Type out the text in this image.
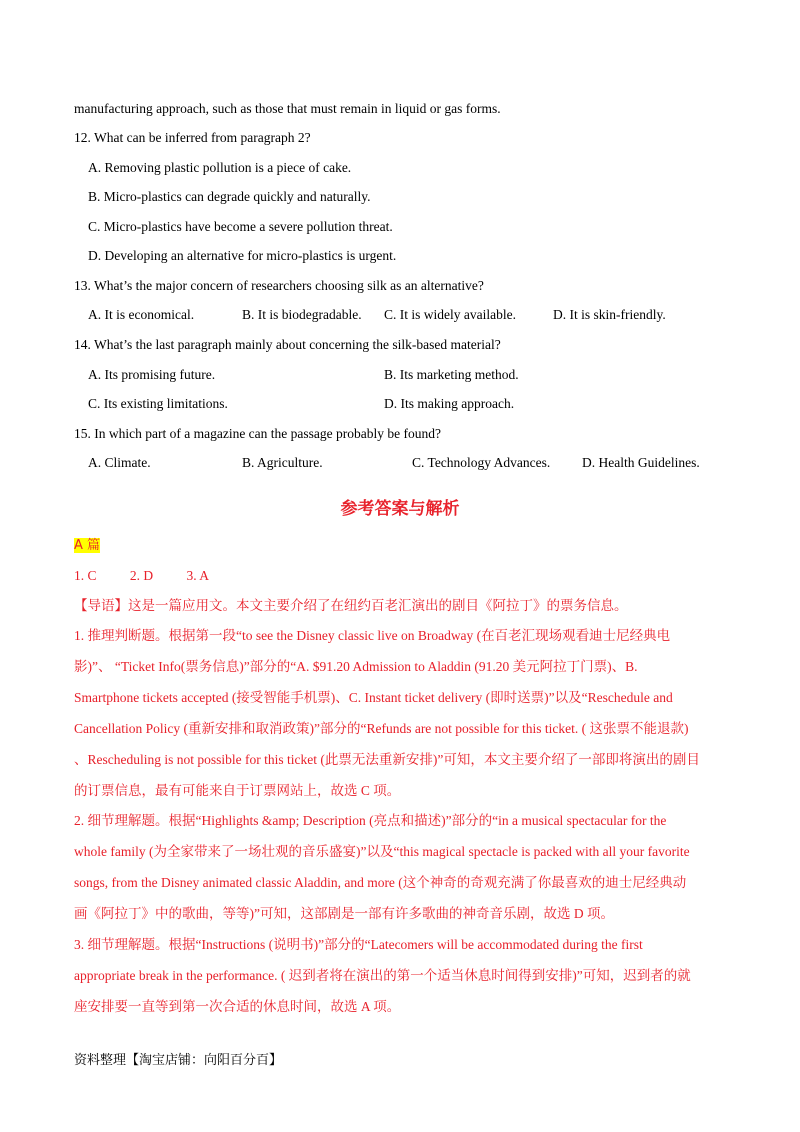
manufacturing approach, such as those that must remain in liquid or gas forms.
12. What can be inferred from paragraph 2?
A. Removing plastic pollution is a piece of cake.
B. Micro-plastics can degrade quickly and naturally.
C. Micro-plastics have become a severe pollution threat.
D. Developing an alternative for micro-plastics is urgent.
13. What’s the major concern of researchers choosing silk as an alternative?
A. It is economical.	B. It is biodegradable. C. It is widely available.	D. It is skin-friendly.
14. What’s the last paragraph mainly about concerning the silk-based material?
A. Its promising future.	B. Its marketing method.
C. Its existing limitations.	D. Its making approach.
15. In which part of a magazine can the passage probably be found?
A. Climate.	B. Agriculture.	C. Technology Advances. D. Health Guidelines.
参考答案与解析
A 篇
1. C 2. D 3. A
【导语】这是一篇应用文。本文主要介绍了在纽约百老汇演出的剧目《阿拉丁》的票务信息。
1. 推理判断题。根据第一段“to see the Disney classic live on Broadway (在百老汇现场观看迪士尼经典电
影)”、 “Ticket Info(票务信息)”部分的“A. $91.20 Admission to Aladdin (91.20 美元阿拉丁门票)、B.
Smartphone tickets accepted (接受智能手机票)、C. Instant ticket delivery (即时送票)”以及“Reschedule and
Cancellation Policy (重新安排和取消政策)”部分的“Refunds are not possible for this ticket. ( 这张票不能退款)
、Rescheduling is not possible for this ticket (此票无法重新安排)”可知，本文主要介绍了一部即将演出的剧目
的订票信息，最有可能来自于订票网站上，故选 C 项。
2. 细节理解题。根据“Highlights &amp; Description (亮点和描述)”部分的“in a musical spectacular for the
whole family (为全家带来了一场壮观的音乐盛宴)”以及“this magical spectacle is packed with all your favorite
songs, from the Disney animated classic Aladdin, and more (这个神奇的奇观充满了你最喜欢的迪士尼经典动
画《阿拉丁》中的歌曲，等等)”可知，这部剧是一部有许多歌曲的神奇音乐剧，故选 D 项。
3. 细节理解题。根据“Instructions (说明书)”部分的“Latecomers will be accommodated during the first
appropriate break in the performance. ( 迟到者将在演出的第一个适当休息时间得到安排)”可知，迟到者的就
座安排要一直等到第一次合适的休息时间，故选 A 项。
资料整理【淘宝店铺：向阳百分百】
